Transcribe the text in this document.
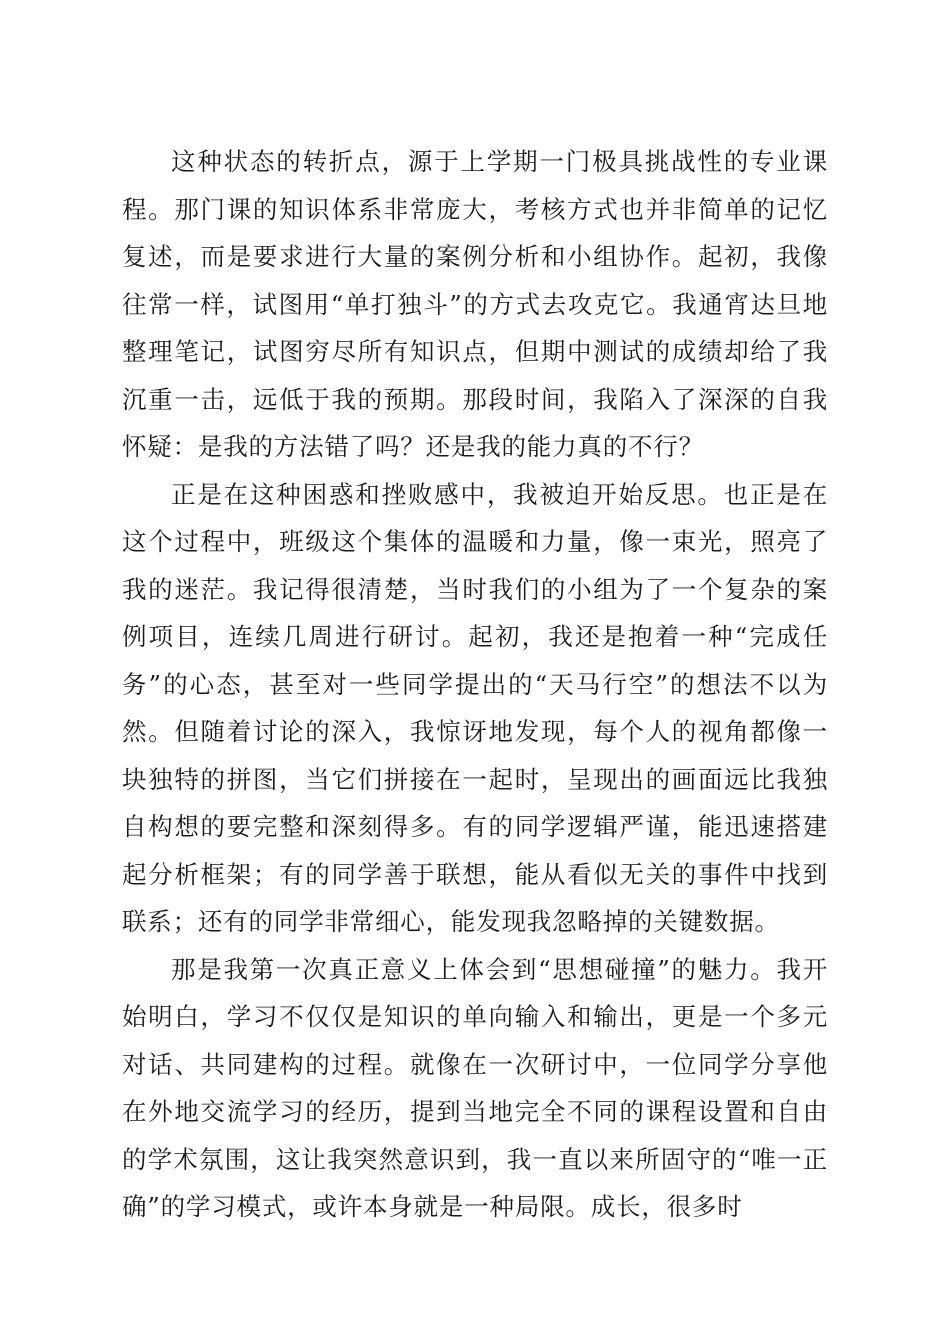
这种状态的转折点，源于上学期一门极具挑战性的专业课程。那门课的知识体系非常庞大，考核方式也并非简单的记忆复述，而是要求进行大量的案例分析和小组协作。起初，我像往常一样，试图用“单打独斗”的方式去攻克它。我通宵达旦地整理笔记，试图穷尽所有知识点，但期中测试的成绩却给了我沉重一击，远低于我的预期。那段时间，我陷入了深深的自我怀疑：是我的方法错了吗？还是我的能力真的不行？

正是在这种困惑和挫败感中，我被迫开始反思。也正是在这个过程中，班级这个集体的温暖和力量，像一束光，照亮了我的迷茫。我记得很清楚，当时我们的小组为了一个复杂的案例项目，连续几周进行研讨。起初，我还是抱着一种“完成任务”的心态，甚至对一些同学提出的“天马行空”的想法不以为然。但随着讨论的深入，我惊讶地发现，每个人的视角都像一块独特的拼图，当它们拼接在一起时，呈现出的画面远比我独自构想的要完整和深刻得多。有的同学逻辑严谨，能迅速搭建起分析框架；有的同学善于联想，能从看似无关的事件中找到联系；还有的同学非常细心，能发现我忽略掉的关键数据。

那是我第一次真正意义上体会到“思想碰撞”的魅力。我开始明白，学习不仅仅是知识的单向输入和输出，更是一个多元对话、共同建构的过程。就像在一次研讨中，一位同学分享他在外地交流学习的经历，提到当地完全不同的课程设置和自由的学术氛围，这让我突然意识到，我一直以来所固守的“唯一正确”的学习模式，或许本身就是一种局限。成长，很多时
